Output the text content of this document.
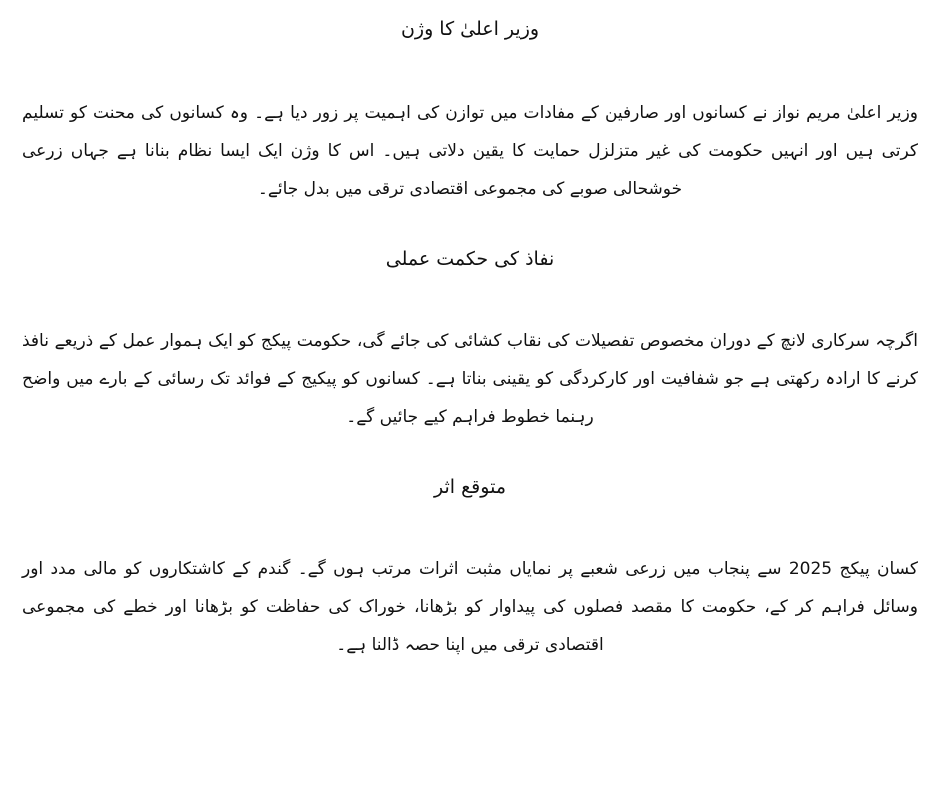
وزیر اعلیٰ کا وژن

وزیر اعلیٰ مریم نواز نے کسانوں اور صارفین کے مفادات میں توازن کی اہمیت پر زور دیا ہے۔ وہ کسانوں کی محنت کو تسلیم کرتی ہیں اور انہیں حکومت کی غیر متزلزل حمایت کا یقین دلاتی ہیں۔ اس کا وژن ایک ایسا نظام بنانا ہے جہاں زرعی خوشحالی صوبے کی مجموعی اقتصادی ترقی میں بدل جائے۔

نفاذ کی حکمت عملی

اگرچہ سرکاری لانچ کے دوران مخصوص تفصیلات کی نقاب کشائی کی جائے گی، حکومت پیکج کو ایک ہموار عمل کے ذریعے نافذ کرنے کا ارادہ رکھتی ہے جو شفافیت اور کارکردگی کو یقینی بناتا ہے۔ کسانوں کو پیکیج کے فوائد تک رسائی کے بارے میں واضح رہنما خطوط فراہم کیے جائیں گے۔

متوقع اثر

کسان پیکج 2025 سے پنجاب میں زرعی شعبے پر نمایاں مثبت اثرات مرتب ہوں گے۔ گندم کے کاشتکاروں کو مالی مدد اور وسائل فراہم کر کے، حکومت کا مقصد فصلوں کی پیداوار کو بڑھانا، خوراک کی حفاظت کو بڑھانا اور خطے کی مجموعی اقتصادی ترقی میں اپنا حصہ ڈالنا ہے۔
